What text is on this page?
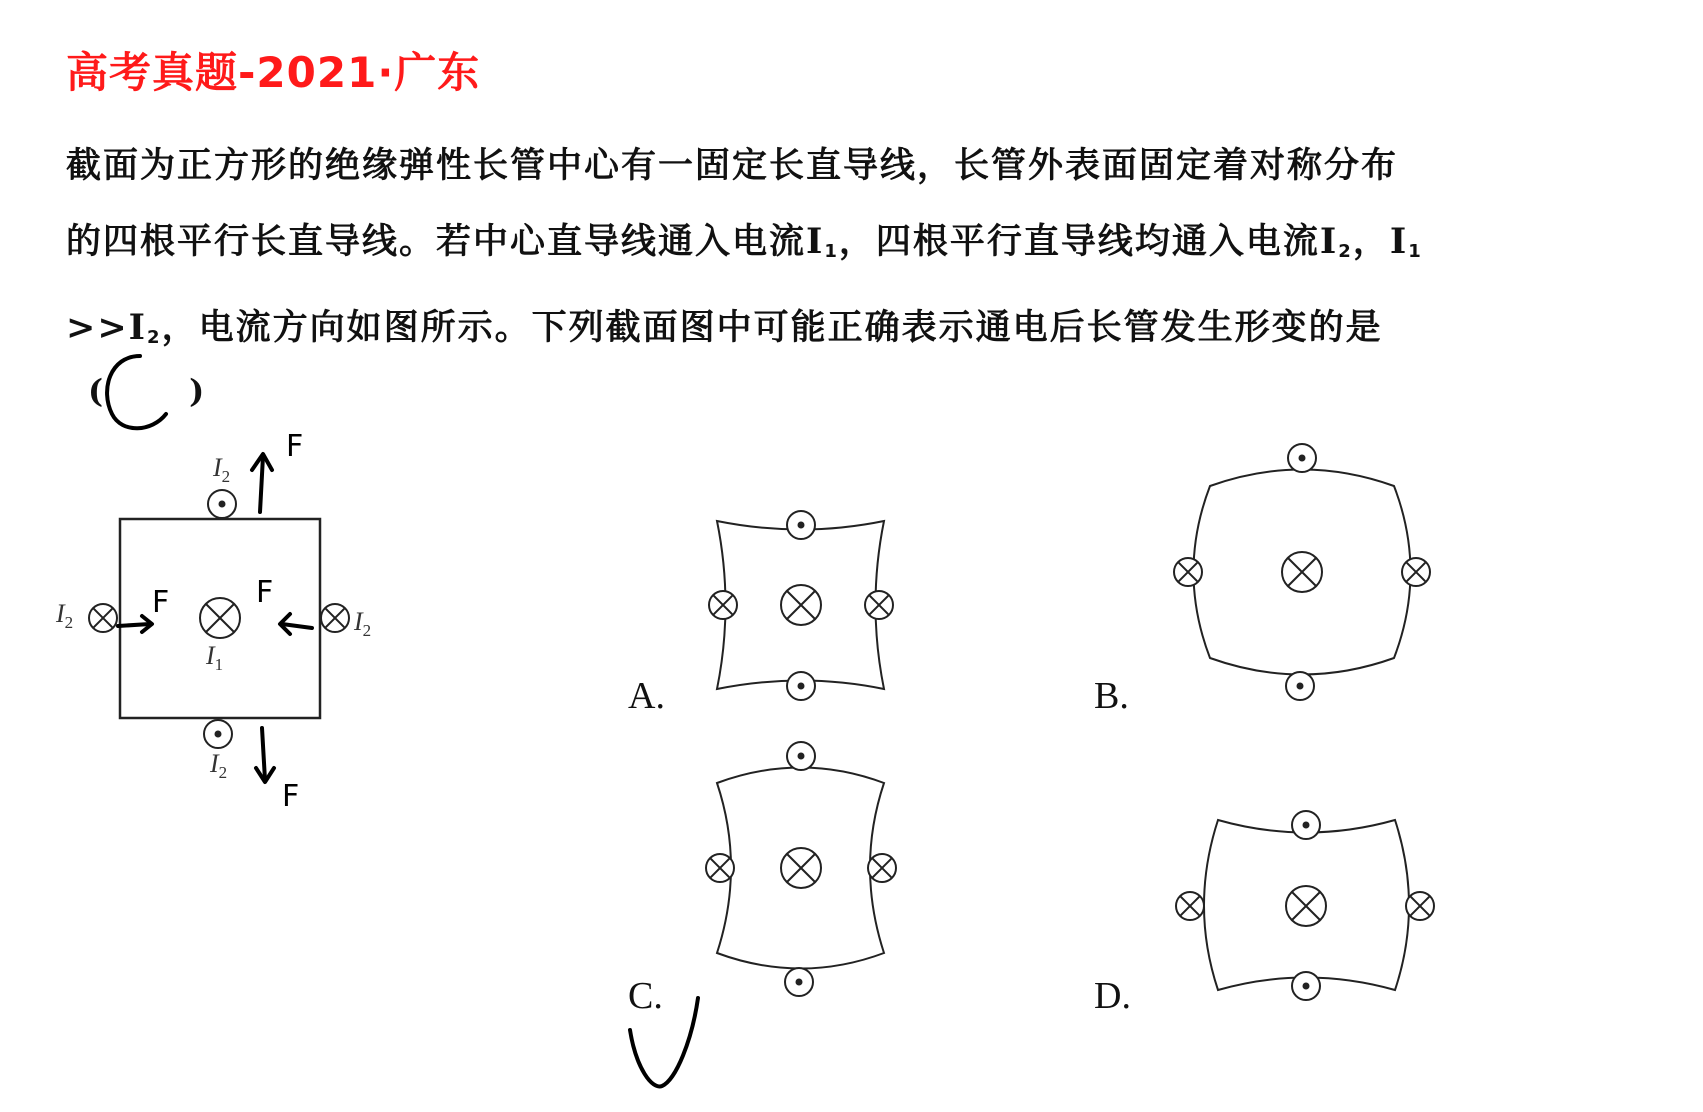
高考真题-2021·广东
截面为正方形的绝缘弹性长管中心有一固定长直导线，长管外表面固定着对称分布
的四根平行长直导线。若中心直导线通入电流$I_1$，四根平行直导线均通入电流$I_2$，$I_1$
$>>I_2$，电流方向如图所示。下列截面图中可能正确表示通电后长管发生形变的是
(	)
$I_2$
$I_2$	$I_2$
$I_1$
$I_2$
F
F	F
F
A.	B.
C.	D.
